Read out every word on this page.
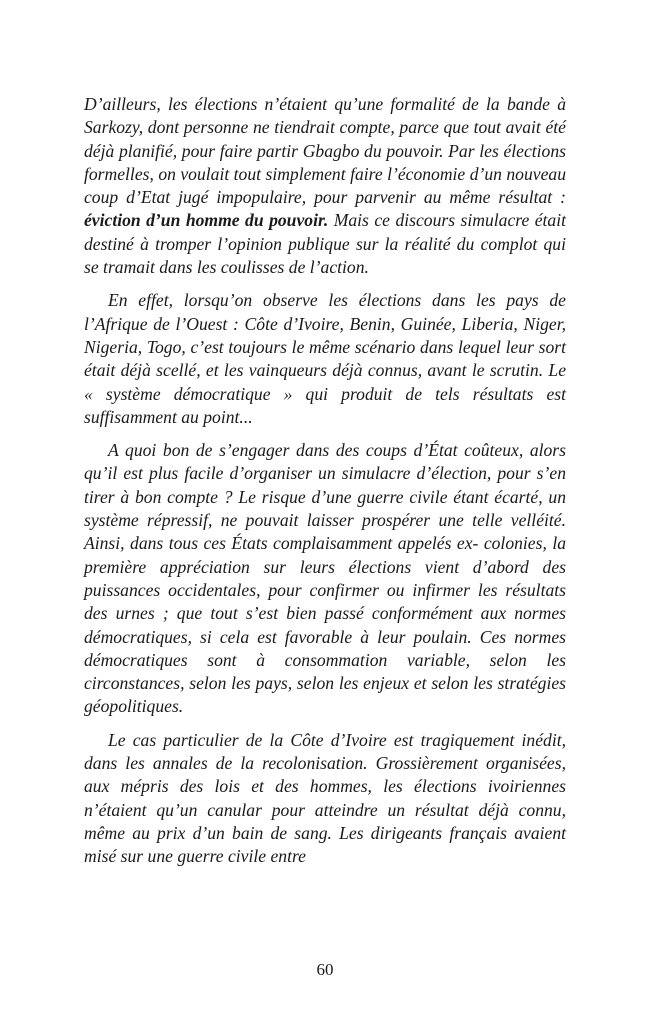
D’ailleurs, les élections n’étaient qu’une formalité de la bande à Sarkozy, dont personne ne tiendrait compte, parce que tout avait été déjà planifié, pour faire partir Gbagbo du pouvoir. Par les élections formelles, on voulait tout simplement faire l’économie d’un nouveau coup d’Etat jugé impopulaire, pour parvenir au même résultat : éviction d’un homme du pouvoir. Mais ce discours simulacre était destiné à tromper l’opinion publique sur la réalité du complot qui se tramait dans les coulisses de l’action.

En effet, lorsqu’on observe les élections dans les pays de l’Afrique de l’Ouest : Côte d’Ivoire, Benin, Guinée, Liberia, Niger, Nigeria, Togo, c’est toujours le même scénario dans lequel leur sort était déjà scellé, et les vainqueurs déjà connus, avant le scrutin. Le « système démocratique » qui produit de tels résultats est suffisamment au point...

A quoi bon de s’engager dans des coups d’État coûteux, alors qu’il est plus facile d’organiser un simulacre d’élection, pour s’en tirer à bon compte ? Le risque d’une guerre civile étant écarté, un système répressif, ne pouvait laisser prospérer une telle velléité. Ainsi, dans tous ces États complaisamment appelés ex- colonies, la première appréciation sur leurs élections vient d’abord des puissances occidentales, pour confirmer ou infirmer les résultats des urnes ; que tout s’est bien passé conformément aux normes démocratiques, si cela est favorable à leur poulain. Ces normes démocratiques sont à consommation variable, selon les circonstances, selon les pays, selon les enjeux et selon les stratégies géopolitiques.

Le cas particulier de la Côte d’Ivoire est tragiquement inédit, dans les annales de la recolonisation. Grossièrement organisées, aux mépris des lois et des hommes, les élections ivoiriennes n’étaient qu’un canular pour atteindre un résultat déjà connu, même au prix d’un bain de sang. Les dirigeants français avaient misé sur une guerre civile entre

60
